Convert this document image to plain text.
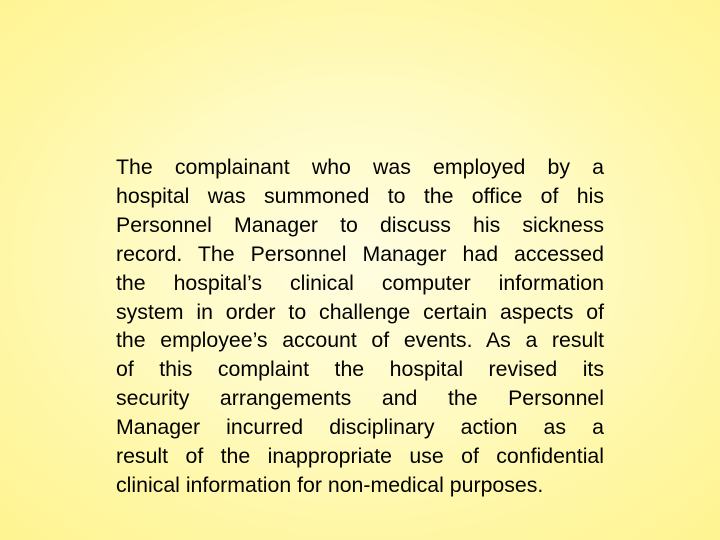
The complainant who was employed by a
hospital was summoned to the office of his
Personnel Manager to discuss his sickness
record. The Personnel Manager had accessed
the hospital’s clinical computer information
system in order to challenge certain aspects of
the employee’s account of events. As a result
of this complaint the hospital revised its
security arrangements and the Personnel
Manager incurred disciplinary action as a
result of the inappropriate use of confidential
clinical information for non-medical purposes.
